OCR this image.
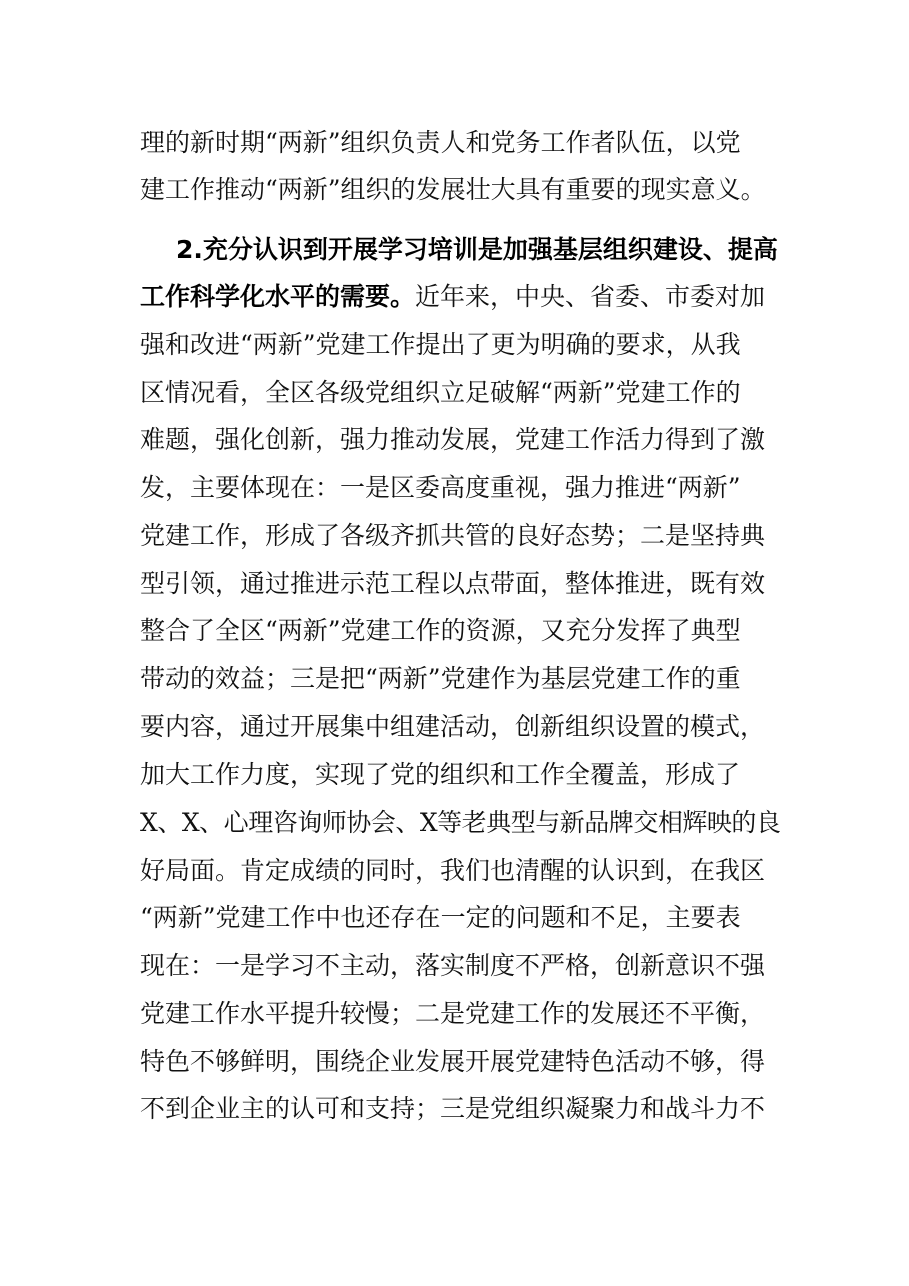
理的新时期“两新”组织负责人和党务工作者队伍，以党
建工作推动“两新”组织的发展壮大具有重要的现实意义。
2.充分认识到开展学习培训是加强基层组织建设、提高
工作科学化水平的需要。近年来，中央、省委、市委对加
强和改进“两新”党建工作提出了更为明确的要求，从我
区情况看，全区各级党组织立足破解“两新”党建工作的
难题，强化创新，强力推动发展，党建工作活力得到了激
发，主要体现在：一是区委高度重视，强力推进“两新”
党建工作，形成了各级齐抓共管的良好态势；二是坚持典
型引领，通过推进示范工程以点带面，整体推进，既有效
整合了全区“两新”党建工作的资源，又充分发挥了典型
带动的效益；三是把“两新”党建作为基层党建工作的重
要内容，通过开展集中组建活动，创新组织设置的模式，
加大工作力度，实现了党的组织和工作全覆盖，形成了
X、X、心理咨询师协会、X等老典型与新品牌交相辉映的良
好局面。肯定成绩的同时，我们也清醒的认识到，在我区
“两新”党建工作中也还存在一定的问题和不足，主要表
现在：一是学习不主动，落实制度不严格，创新意识不强
党建工作水平提升较慢；二是党建工作的发展还不平衡，
特色不够鲜明，围绕企业发展开展党建特色活动不够，得
不到企业主的认可和支持；三是党组织凝聚力和战斗力不
